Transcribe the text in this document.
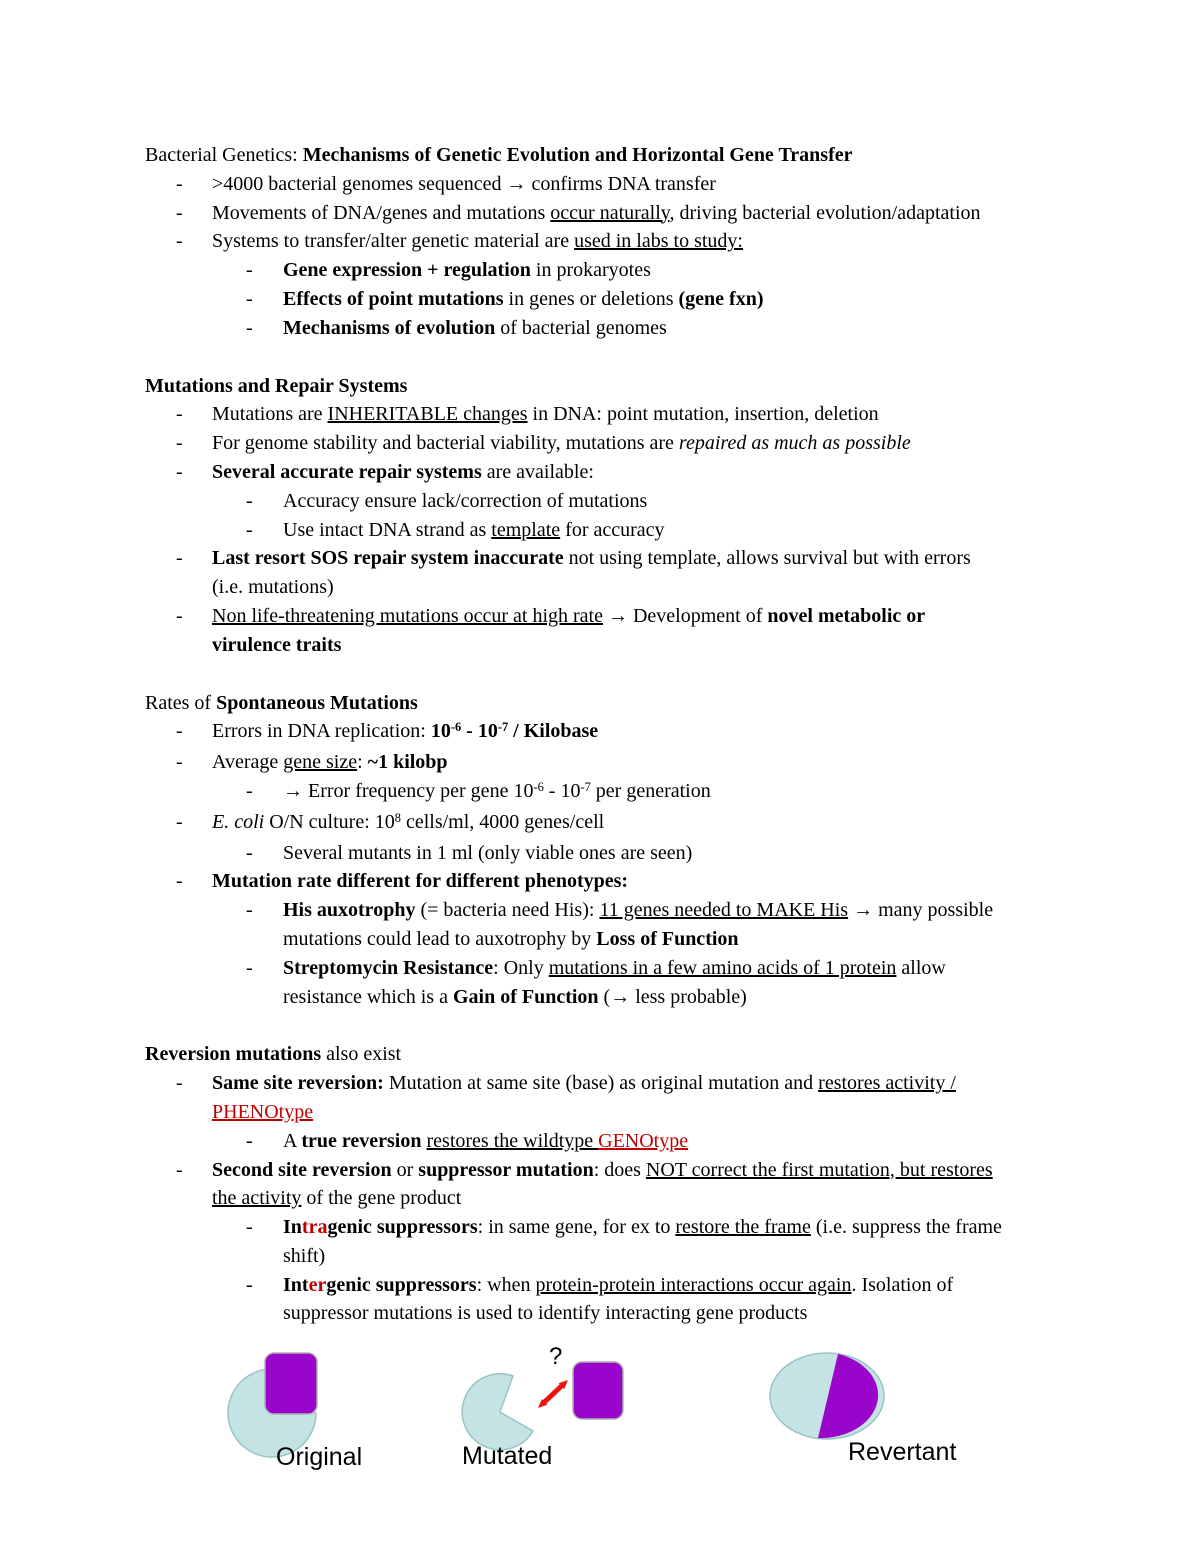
Bacterial Genetics: Mechanisms of Genetic Evolution and Horizontal Gene Transfer
- >4000 bacterial genomes sequenced → confirms DNA transfer
- Movements of DNA/genes and mutations occur naturally, driving bacterial evolution/adaptation
- Systems to transfer/alter genetic material are used in labs to study:
- Gene expression + regulation in prokaryotes
- Effects of point mutations in genes or deletions (gene fxn)
- Mechanisms of evolution of bacterial genomes
Mutations and Repair Systems
- Mutations are INHERITABLE changes in DNA: point mutation, insertion, deletion
- For genome stability and bacterial viability, mutations are repaired as much as possible
- Several accurate repair systems are available:
- Accuracy ensure lack/correction of mutations
- Use intact DNA strand as template for accuracy
- Last resort SOS repair system inaccurate not using template, allows survival but with errors
(i.e. mutations)
- Non life-threatening mutations occur at high rate → Development of novel metabolic or
virulence traits
Rates of Spontaneous Mutations
- Errors in DNA replication: $10^{-6} - 10^{-7}$ / Kilobase
- Average gene size: ~1 kilobp
- → Error frequency per gene $10^{-6} - 10^{-7}$ per generation
- E. coli O/N culture: $10^8$ cells/ml, 4000 genes/cell
- Several mutants in 1 ml (only viable ones are seen)
- Mutation rate different for different phenotypes:
- His auxotrophy (= bacteria need His): 11 genes needed to MAKE His → many possible
mutations could lead to auxotrophy by Loss of Function
- Streptomycin Resistance: Only mutations in a few amino acids of 1 protein allow
resistance which is a Gain of Function (→ less probable)
Reversion mutations also exist
- Same site reversion: Mutation at same site (base) as original mutation and restores activity /
PHENOtype
- A true reversion restores the wildtype GENOtype
- Second site reversion or suppressor mutation: does NOT correct the first mutation, but restores
the activity of the gene product
- Intragenic suppressors: in same gene, for ex to restore the frame (i.e. suppress the frame
shift)
- Intergenic suppressors: when protein-protein interactions occur again. Isolation of
suppressor mutations is used to identify interacting gene products
Original
?
Mutated	Revertant
